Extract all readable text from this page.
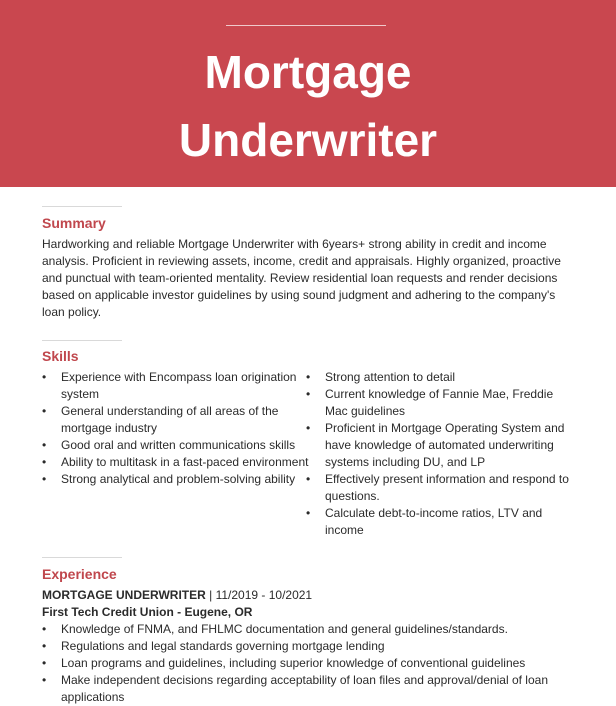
Mortgage
Underwriter
Summary
Hardworking and reliable Mortgage Underwriter with 6years+ strong ability in credit and income analysis. Proficient in reviewing assets, income, credit and appraisals. Highly organized, proactive and punctual with team-oriented mentality. Review residential loan requests and render decisions based on applicable investor guidelines by using sound judgment and adhering to the company's loan policy.
Skills
• Experience with Encompass loan origination system
• General understanding of all areas of the mortgage industry
• Good oral and written communications skills
• Ability to multitask in a fast-paced environment
• Strong analytical and problem-solving ability
• Strong attention to detail
• Current knowledge of Fannie Mae, Freddie Mac guidelines
• Proficient in Mortgage Operating System and have knowledge of automated underwriting systems including DU, and LP
• Effectively present information and respond to questions.
• Calculate debt-to-income ratios, LTV and income
Experience
MORTGAGE UNDERWRITER | 11/2019 - 10/2021
First Tech Credit Union - Eugene, OR
• Knowledge of FNMA, and FHLMC documentation and general guidelines/standards.
• Regulations and legal standards governing mortgage lending
• Loan programs and guidelines, including superior knowledge of conventional guidelines
• Make independent decisions regarding acceptability of loan files and approval/denial of loan applications
